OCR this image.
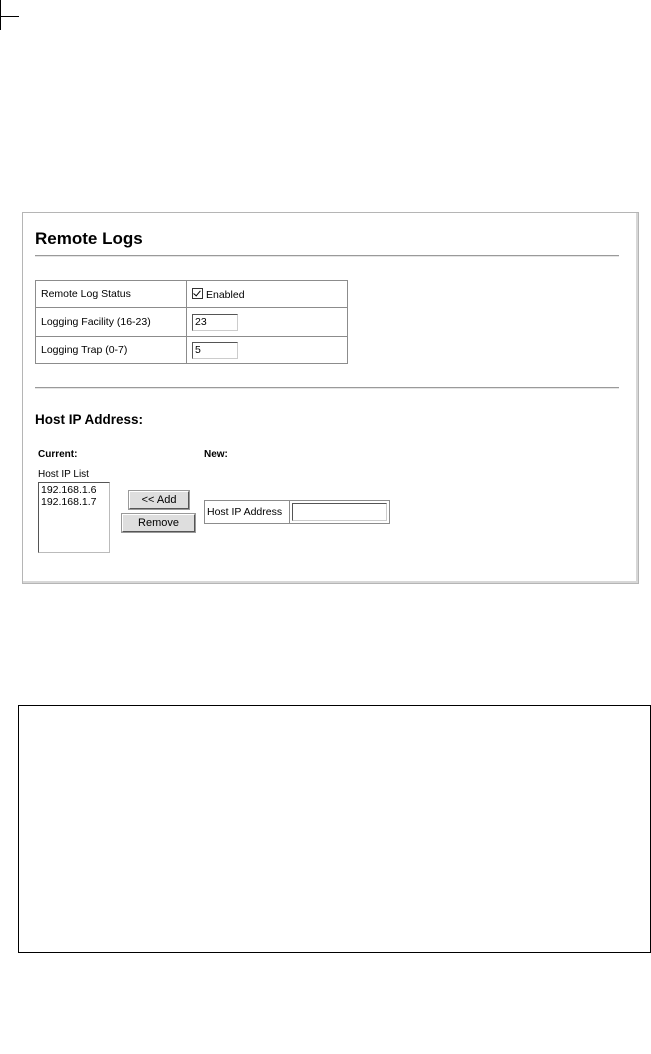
Remote Logs
Remote Log Status	Enabled
Logging Facility (16-23)	23
Logging Trap (0-7)	5
Host IP Address:
Current:	New:
Host IP List
192.168.1.6
192.168.1.7	<< Add
Remove
Host IP Address	
